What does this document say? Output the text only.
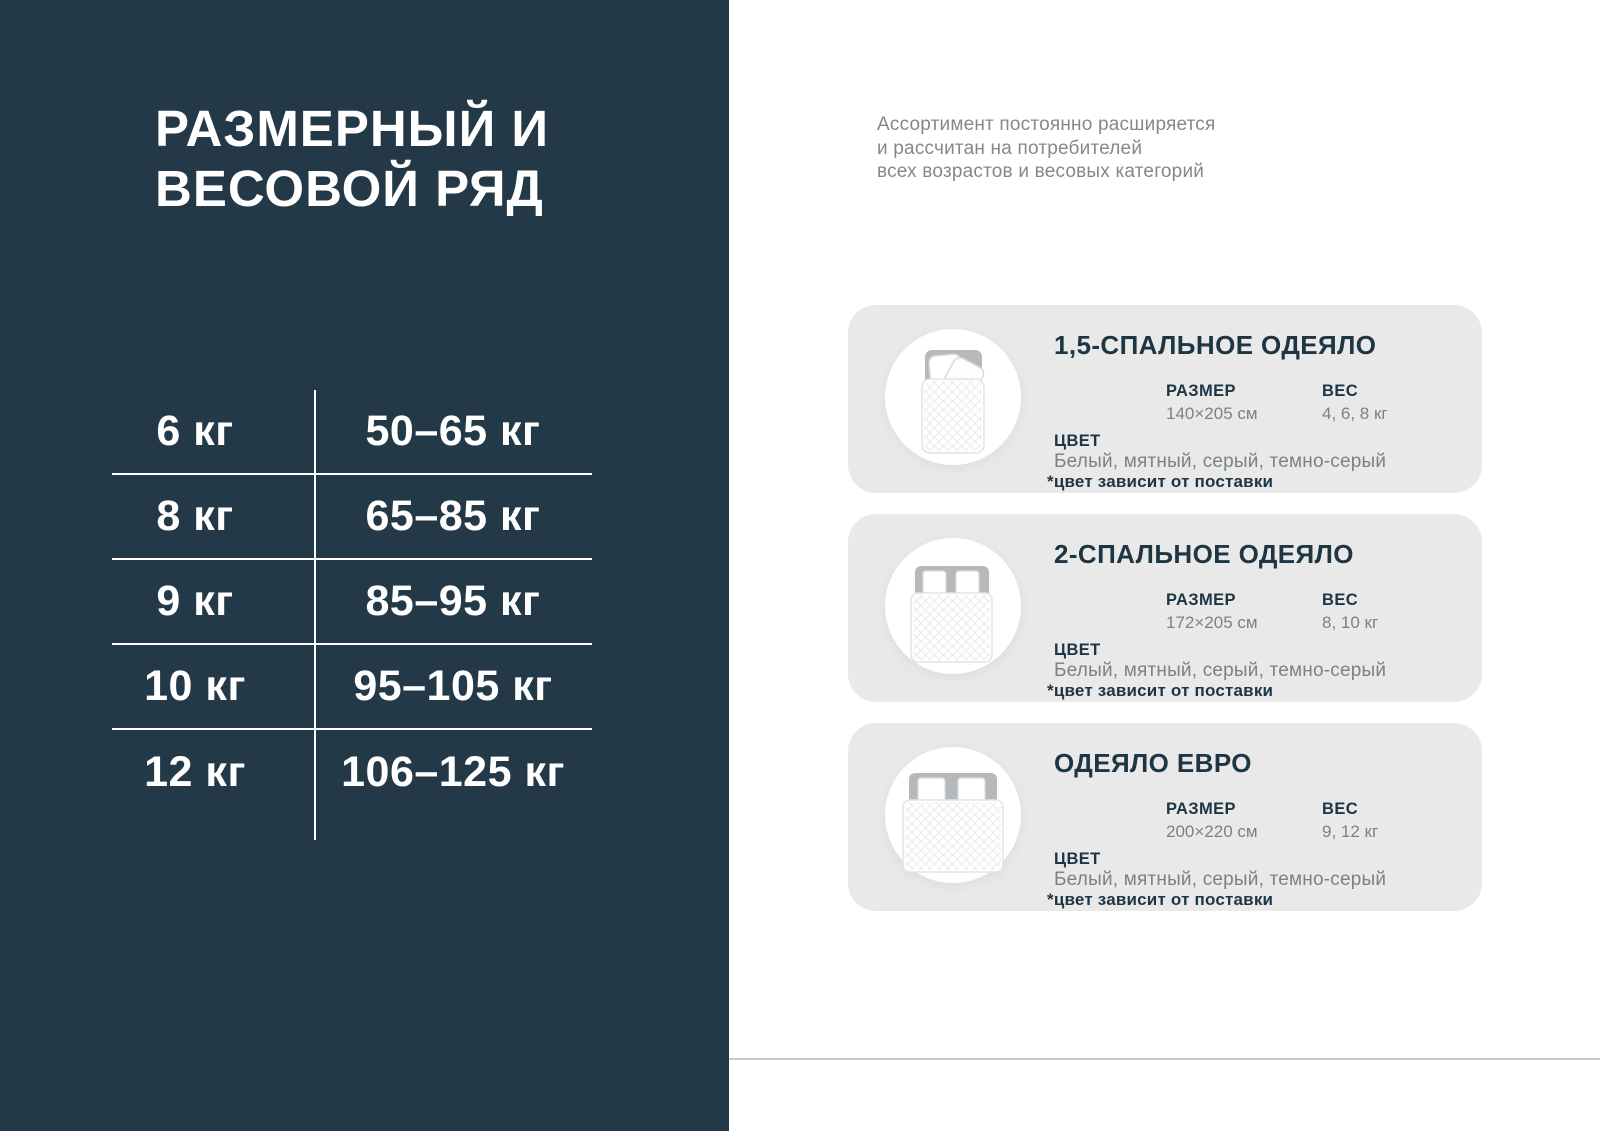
РАЗМЕРНЫЙ И
ВЕСОВОЙ РЯД
6 кг	50–65 кг
8 кг	65–85 кг
9 кг	85–95 кг
10 кг	95–105 кг
12 кг	106–125 кг

Ассортимент постоянно расширяется
и рассчитан на потребителей
всех возрастов и весовых категорий

1,5-СПАЛЬНОЕ ОДЕЯЛО
РАЗМЕР
140×205 см
ВЕС
4, 6, 8 кг
ЦВЕТ
Белый, мятный, серый, темно-серый
*цвет зависит от поставки
2-СПАЛЬНОЕ ОДЕЯЛО
РАЗМЕР
172×205 см
ВЕС
8, 10 кг
ЦВЕТ
Белый, мятный, серый, темно-серый
*цвет зависит от поставки
ОДЕЯЛО ЕВРО
РАЗМЕР
200×220 см
ВЕС
9, 12 кг
ЦВЕТ
Белый, мятный, серый, темно-серый
*цвет зависит от поставки
